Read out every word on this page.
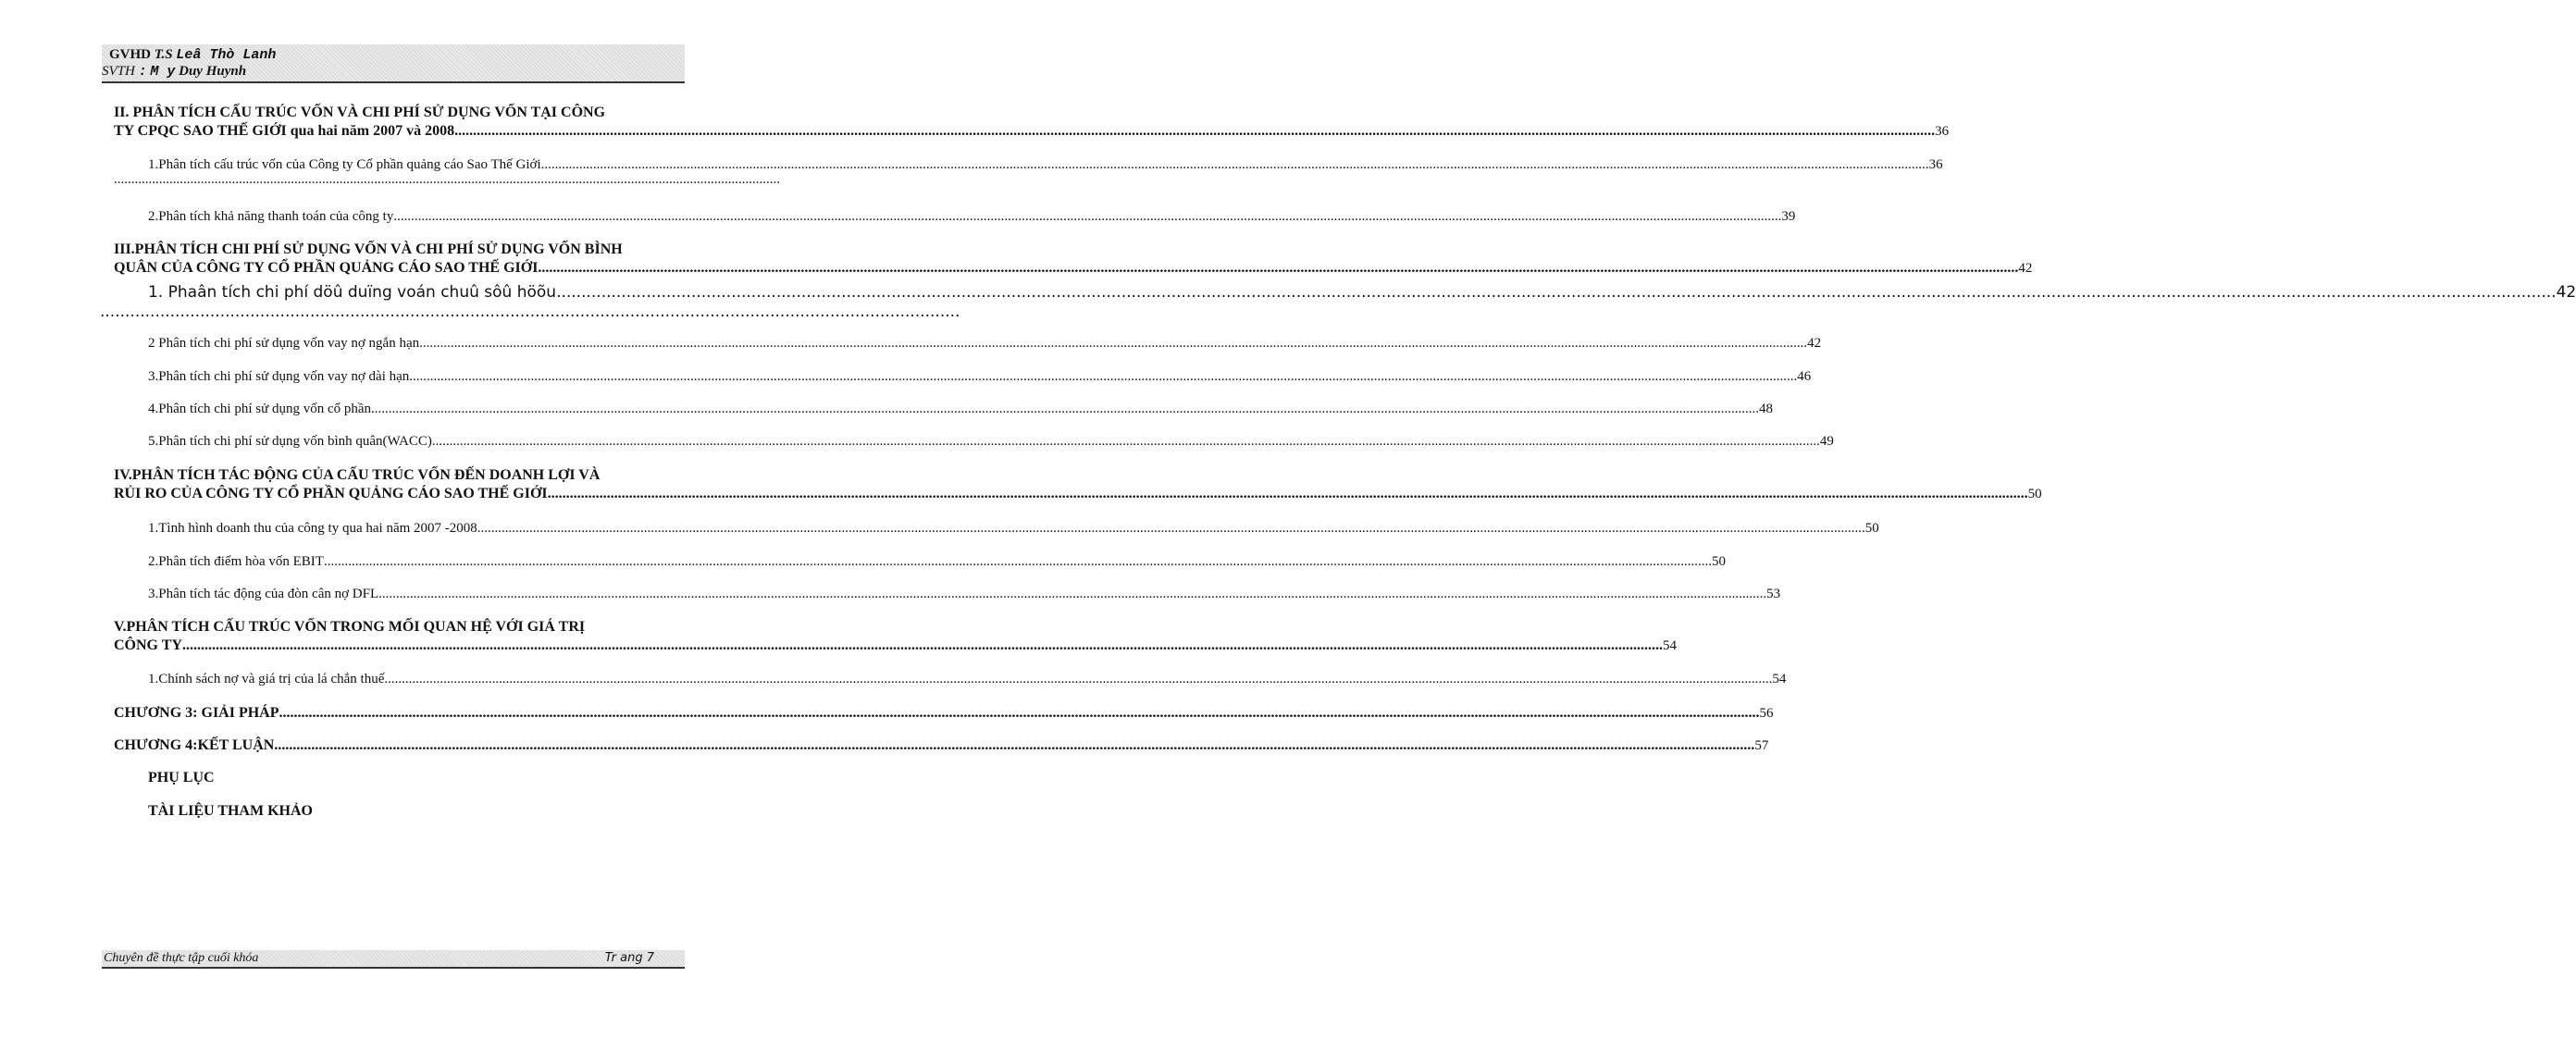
GVHD T.S Leâ Thò Lanh
SVTH : M y Duy Huynh
II. PHÂN TÍCH CẤU TRÚC VỐN VÀ CHI PHÍ SỬ DỤNG VỐN TẠI CÔNG
TY CPQC SAO THẾ GIỚI qua hai năm 2007 và 2008 .....	36
1.Phân tích cấu trúc vốn của Công ty Cổ phần quảng cáo Sao Thế Giới .....	36
................................................................................................................................................................................................
2.Phân tích khả năng thanh toán của công ty .....	39
III.PHÂN TÍCH CHI PHÍ SỬ DỤNG VỐN VÀ CHI PHÍ SỬ DỤNG VỐN BÌNH
QUÂN CỦA CÔNG TY CỔ PHẦN QUẢNG CÁO SAO THẾ GIỚI .....	42
1. Phaân tích chi phí döû duïng voán chuû sôû höõu .....	42
............................................................................................................................................................................
2 Phân tích chi phí sử dụng vốn vay nợ ngắn hạn .....	42
3.Phân tích chi phí sử dụng vốn vay nợ dài hạn .....	46
4.Phân tích chi phí sử dụng vốn cổ phần .....	48
5.Phân tích chi phí sử dụng vốn bình quân(WACC) .....	49
IV.PHÂN TÍCH TÁC ĐỘNG CỦA CẤU TRÚC VỐN ĐẾN DOANH LỢI VÀ
RỦI RO CỦA CÔNG TY CỔ PHẦN QUẢNG CÁO SAO THẾ GIỚI .....	50
1.Tình hình doanh thu của công ty qua hai năm 2007 -2008 .....	50
2.Phân tích điểm hòa vốn EBIT .....	50
3.Phân tích tác động của đòn cân nợ DFL .....	53
V.PHÂN TÍCH CẤU TRÚC VỐN TRONG MỐI QUAN HỆ VỚI GIÁ TRỊ
CÔNG TY .....	54
1.Chính sách nợ và giá trị của lá chắn thuế .....	54
CHƯƠNG 3: GIẢI PHÁP .....	56
CHƯƠNG 4:KẾT LUẬN .....	57
PHỤ LỤC
TÀI LIỆU THAM KHẢO
Chuyên đề thực tập cuối khóa	Tr ang 7
